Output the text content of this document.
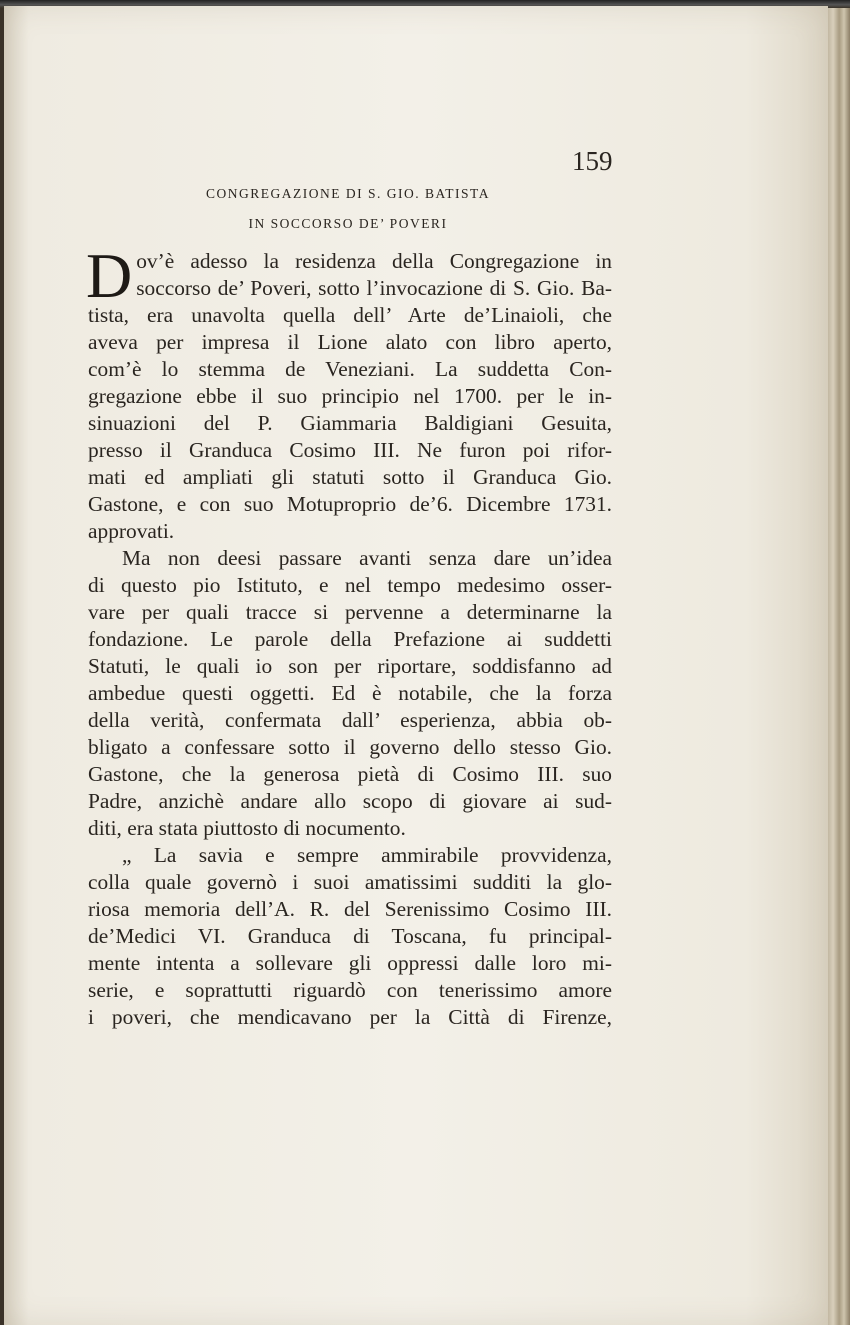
159
CONGREGAZIONE DI S. GIO. BATISTA
IN SOCCORSO DE’ POVERI
D ov’è adesso la residenza della Congregazione in
soccorso de’ Poveri, sotto l’invocazione di S. Gio. Ba-
tista, era unavolta quella dell’ Arte de’Linaioli, che
aveva per impresa il Lione alato con libro aperto,
com’è lo stemma de Veneziani. La suddetta Con-
gregazione ebbe il suo principio nel 1700. per le in-
sinuazioni del P. Giammaria Baldigiani Gesuita,
presso il Granduca Cosimo III. Ne furon poi rifor-
mati ed ampliati gli statuti sotto il Granduca Gio.
Gastone, e con suo Motuproprio de’6. Dicembre 1731.
approvati.
Ma non deesi passare avanti senza dare un’idea
di questo pio Istituto, e nel tempo medesimo osser-
vare per quali tracce si pervenne a determinarne la
fondazione. Le parole della Prefazione ai suddetti
Statuti, le quali io son per riportare, soddisfanno ad
ambedue questi oggetti. Ed è notabile, che la forza
della verità, confermata dall’ esperienza, abbia ob-
bligato a confessare sotto il governo dello stesso Gio.
Gastone, che la generosa pietà di Cosimo III. suo
Padre, anzichè andare allo scopo di giovare ai sud-
diti, era stata piuttosto di nocumento.
„ La savia e sempre ammirabile provvidenza,
colla quale governò i suoi amatissimi sudditi la glo-
riosa memoria dell’A. R. del Serenissimo Cosimo III.
de’Medici VI. Granduca di Toscana, fu principal-
mente intenta a sollevare gli oppressi dalle loro mi-
serie, e soprattutti riguardò con tenerissimo amore
i poveri, che mendicavano per la Città di Firenze,
